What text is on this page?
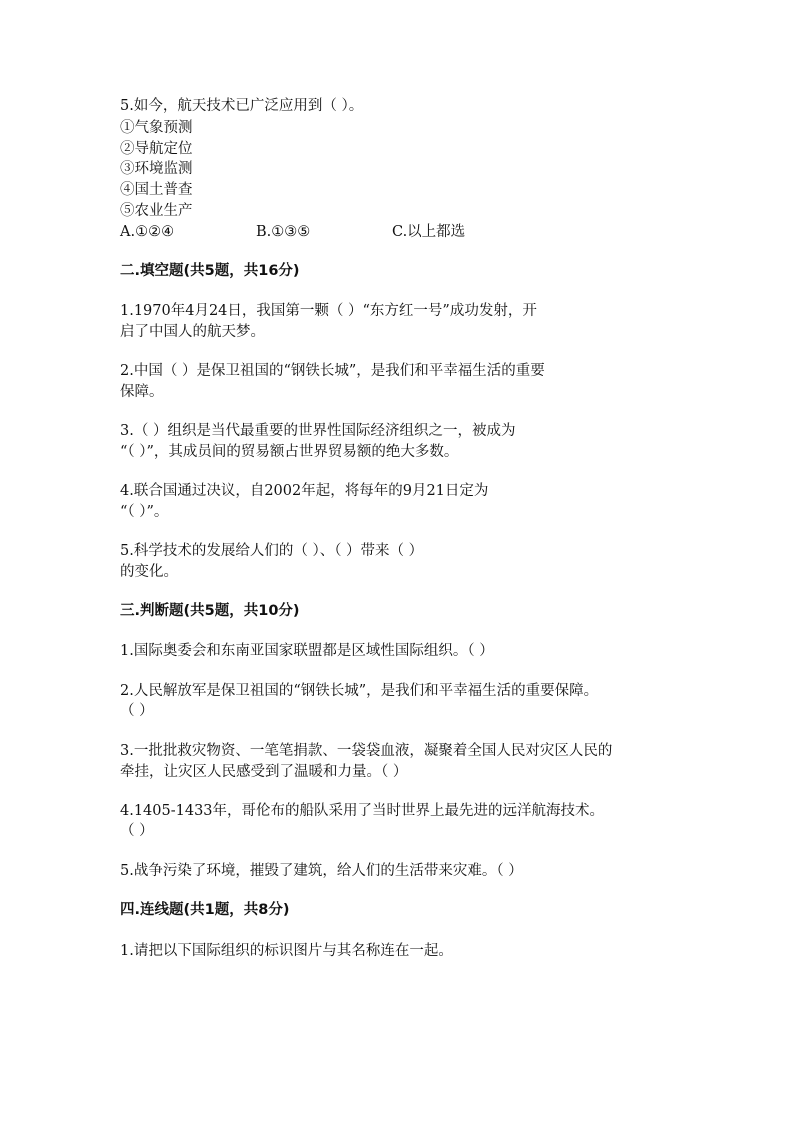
5.如今，航天技术已广泛应用到（ ）。
①气象预测
②导航定位
③环境监测
④国土普查
⑤农业生产
A.①②④	B.①③⑤	C.以上都选
二.填空题(共5题，共16分)
1.1970年4月24日，我国第一颗（ ）“东方红一号”成功发射，开
启了中国人的航天梦。
2.中国（ ）是保卫祖国的“钢铁长城”，是我们和平幸福生活的重要
保障。
3.（ ）组织是当代最重要的世界性国际经济组织之一，被成为
“（ ）”，其成员间的贸易额占世界贸易额的绝大多数。
4.联合国通过决议，自2002年起，将每年的9月21日定为
“（ ）”。
5.科学技术的发展给人们的（ ）、（ ）带来（ ）
的变化。
三.判断题(共5题，共10分)
1.国际奥委会和东南亚国家联盟都是区域性国际组织。（ ）
2.人民解放军是保卫祖国的“钢铁长城”，是我们和平幸福生活的重要保障。
（ ）
3.一批批救灾物资、一笔笔捐款、一袋袋血液，凝聚着全国人民对灾区人民的
牵挂，让灾区人民感受到了温暖和力量。（ ）
4.1405-1433年，哥伦布的船队采用了当时世界上最先进的远洋航海技术。
（ ）
5.战争污染了环境，摧毁了建筑，给人们的生活带来灾难。（ ）
四.连线题(共1题，共8分)
1.请把以下国际组织的标识图片与其名称连在一起。
